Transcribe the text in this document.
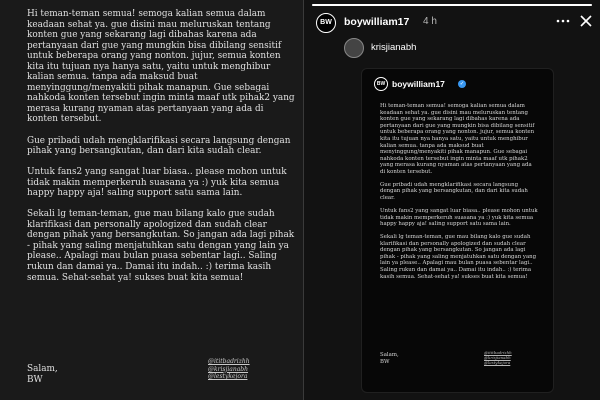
Hi teman-teman semua! semoga kalian semua dalam keadaan sehat ya. gue disini mau meluruskan tentang konten gue yang sekarang lagi dibahas karena ada pertanyaan dari gue yang mungkin bisa dibilang sensitif untuk beberapa orang yang nonton. jujur, semua konten kita itu tujuan nya hanya satu, yaitu untuk menghibur kalian semua. tanpa ada maksud buat menyinggung/menyakiti pihak manapun. Gue sebagai nahkoda konten tersebut ingin minta maaf utk pihak2 yang merasa kurang nyaman atas pertanyaan yang ada di konten tersebut.

Gue pribadi udah mengklarifikasi secara langsung dengan pihak yang bersangkutan, dan dari kita sudah clear.

Untuk fans2 yang sangat luar biasa.. please mohon untuk tidak makin memperkeruh suasana ya :) yuk kita semua happy happy aja! saling support satu sama lain.

Sekali lg teman-teman, gue mau bilang kalo gue sudah klarifikasi dan personally apologized dan sudah clear dengan pihak yang bersangkutan. So jangan ada lagi pihak - pihak yang saling menjatuhkan satu dengan yang lain ya please.. Apalagi mau bulan puasa sebentar lagi.. Saling rukun dan damai ya.. Damai itu indah.. :) terima kasih semua. Sehat-sehat ya! sukses buat kita semua!

Salam,
BW
@ititbadrizhh
@krisjianabh
@lestykejora
BW	boywilliam17 4 h
krisjianabh
BW boywilliam17	✓

Hi teman-teman semua! semoga kalian semua dalam keadaan sehat ya. gue disini mau meluruskan tentang konten gue yang sekarang lagi dibahas karena ada pertanyaan dari gue yang mungkin bisa dibilang sensitif untuk beberapa orang yang nonton. jujur, semua konten kita itu tujuan nya hanya satu, yaitu untuk menghibur kalian semua. tanpa ada maksud buat menyinggung/menyakiti pihak manapun. Gue sebagai nahkoda konten tersebut ingin minta maaf utk pihak2 yang merasa kurang nyaman atas pertanyaan yang ada di konten tersebut.

Gue pribadi udah mengklarifikasi secara langsung dengan pihak yang bersangkutan, dan dari kita sudah clear.

Untuk fans2 yang sangat luar biasa.. please mohon untuk tidak makin memperkeruh suasana ya :) yuk kita semua happy happy aja! saling support satu sama lain.

Sekali lg teman-teman, gue mau bilang kalo gue sudah klarifikasi dan personally apologized dan sudah clear dengan pihak yang bersangkutan. So jangan ada lagi pihak - pihak yang saling menjatuhkan satu dengan yang lain ya please.. Apalagi mau bulan puasa sebentar lagi.. Saling rukun dan damai ya.. Damai itu indah.. :) terima kasih semua. Sehat-sehat ya! sukses buat kita semua!

Salam,
BW
@ititbadrizhh
@krisjianabh
@lestykejora
